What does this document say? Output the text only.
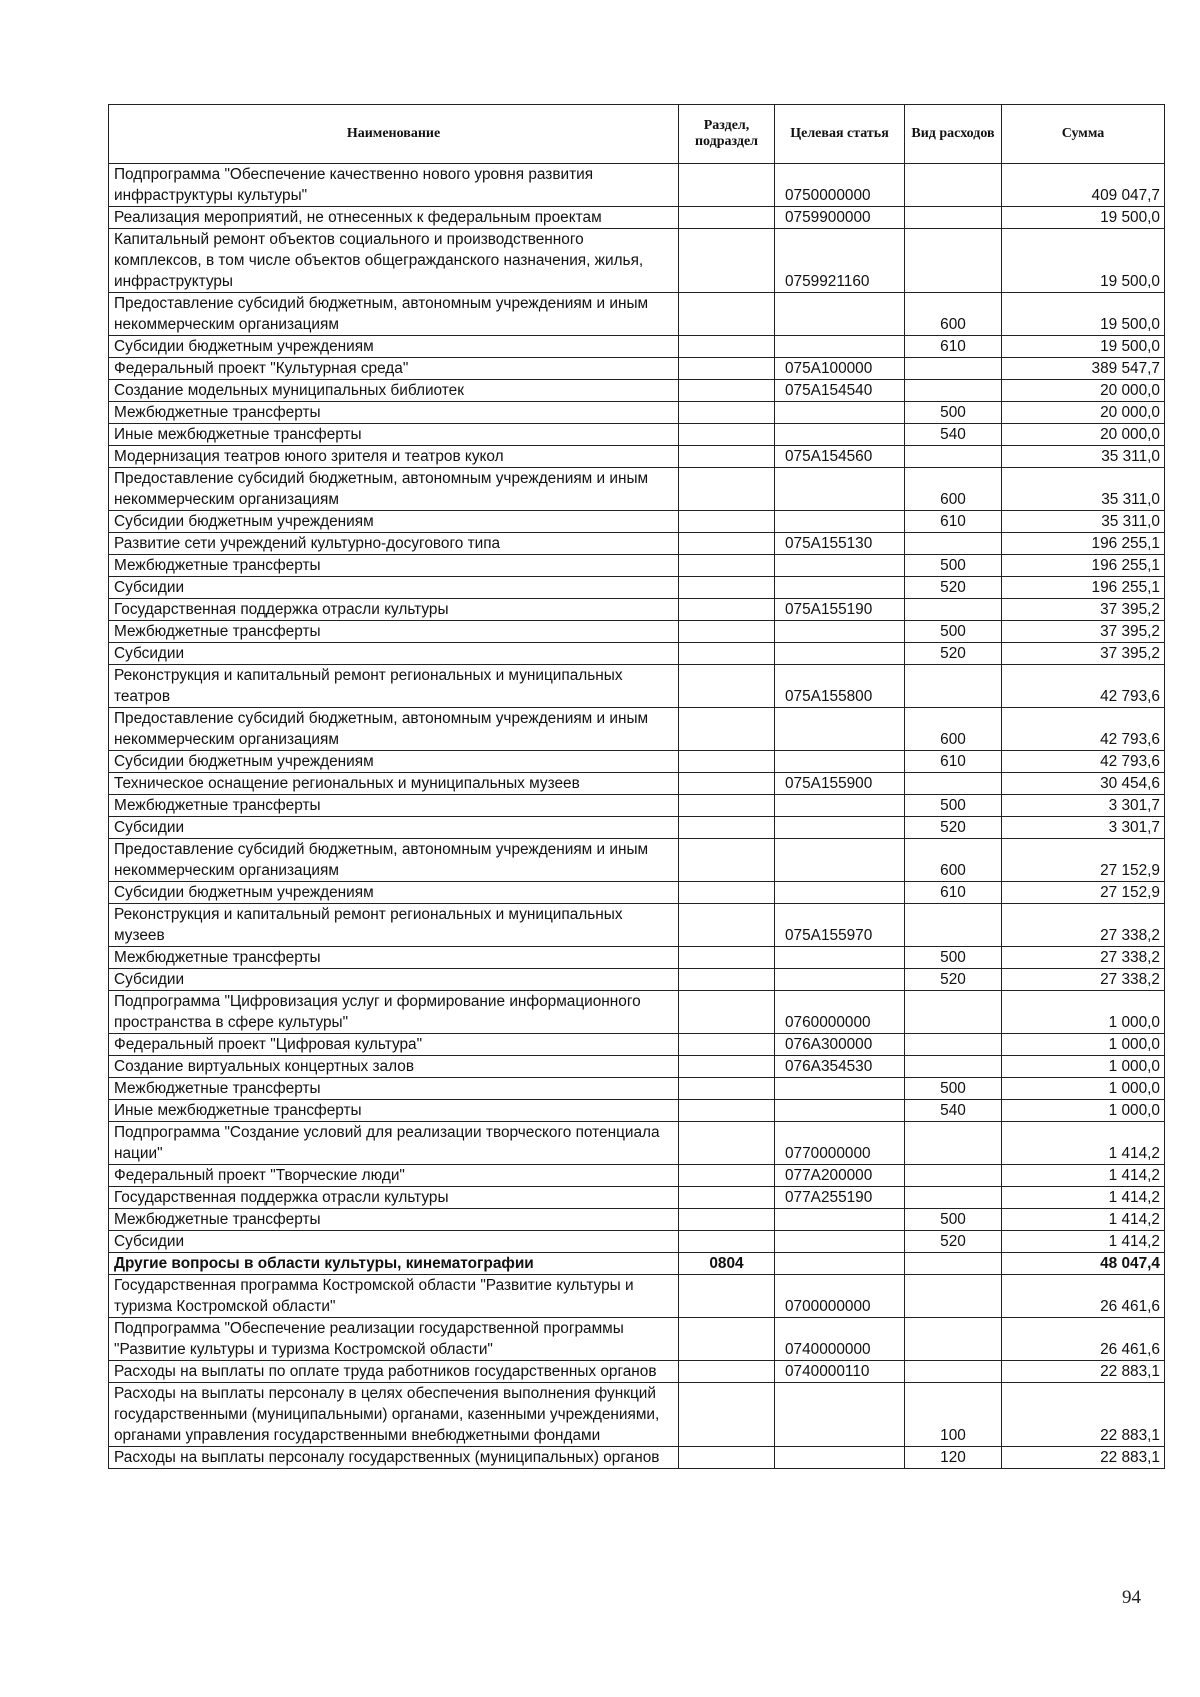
Наименование	Раздел, подраздел	Целевая статья	Вид расходов	Сумма
Подпрограмма "Обеспечение качественно нового уровня развития инфраструктуры культуры"		0750000000		409 047,7
Реализация мероприятий, не отнесенных к федеральным проектам		0759900000		19 500,0
Капитальный ремонт объектов социального и производственного комплексов, в том числе объектов общегражданского назначения, жилья, инфраструктуры		0759921160		19 500,0
Предоставление субсидий бюджетным, автономным учреждениям и иным некоммерческим организациям			600	19 500,0
Субсидии бюджетным учреждениям			610	19 500,0
Федеральный проект "Культурная среда"		075А100000		389 547,7
Создание модельных муниципальных библиотек		075А154540		20 000,0
Межбюджетные трансферты			500	20 000,0
Иные межбюджетные трансферты			540	20 000,0
Модернизация театров юного зрителя и театров кукол		075А154560		35 311,0
Предоставление субсидий бюджетным, автономным учреждениям и иным некоммерческим организациям			600	35 311,0
Субсидии бюджетным учреждениям			610	35 311,0
Развитие сети учреждений культурно-досугового типа		075А155130		196 255,1
Межбюджетные трансферты			500	196 255,1
Субсидии			520	196 255,1
Государственная поддержка отрасли культуры		075А155190		37 395,2
Межбюджетные трансферты			500	37 395,2
Субсидии			520	37 395,2
Реконструкция и капитальный ремонт региональных и муниципальных театров		075А155800		42 793,6
Предоставление субсидий бюджетным, автономным учреждениям и иным некоммерческим организациям			600	42 793,6
Субсидии бюджетным учреждениям			610	42 793,6
Техническое оснащение региональных и муниципальных музеев		075А155900		30 454,6
Межбюджетные трансферты			500	3 301,7
Субсидии			520	3 301,7
Предоставление субсидий бюджетным, автономным учреждениям и иным некоммерческим организациям			600	27 152,9
Субсидии бюджетным учреждениям			610	27 152,9
Реконструкция и капитальный ремонт региональных и муниципальных музеев		075А155970		27 338,2
Межбюджетные трансферты			500	27 338,2
Субсидии			520	27 338,2
Подпрограмма "Цифровизация услуг и формирование информационного пространства в сфере культуры"		0760000000		1 000,0
Федеральный проект "Цифровая культура"		076А300000		1 000,0
Создание виртуальных концертных залов		076А354530		1 000,0
Межбюджетные трансферты			500	1 000,0
Иные межбюджетные трансферты			540	1 000,0
Подпрограмма "Создание условий для реализации творческого потенциала нации"		0770000000		1 414,2
Федеральный проект "Творческие люди"		077А200000		1 414,2
Государственная поддержка отрасли культуры		077А255190		1 414,2
Межбюджетные трансферты			500	1 414,2
Субсидии			520	1 414,2
Другие вопросы в области культуры, кинематографии	0804			48 047,4
Государственная программа Костромской области "Развитие культуры и туризма Костромской области"		0700000000		26 461,6
Подпрограмма "Обеспечение реализации государственной программы "Развитие культуры и туризма Костромской области"		0740000000		26 461,6
Расходы на выплаты по оплате труда работников государственных органов		0740000110		22 883,1
Расходы на выплаты персоналу в целях обеспечения выполнения функций государственными (муниципальными) органами, казенными учреждениями, органами управления государственными внебюджетными фондами			100	22 883,1
Расходы на выплаты персоналу государственных (муниципальных) органов			120	22 883,1
94
